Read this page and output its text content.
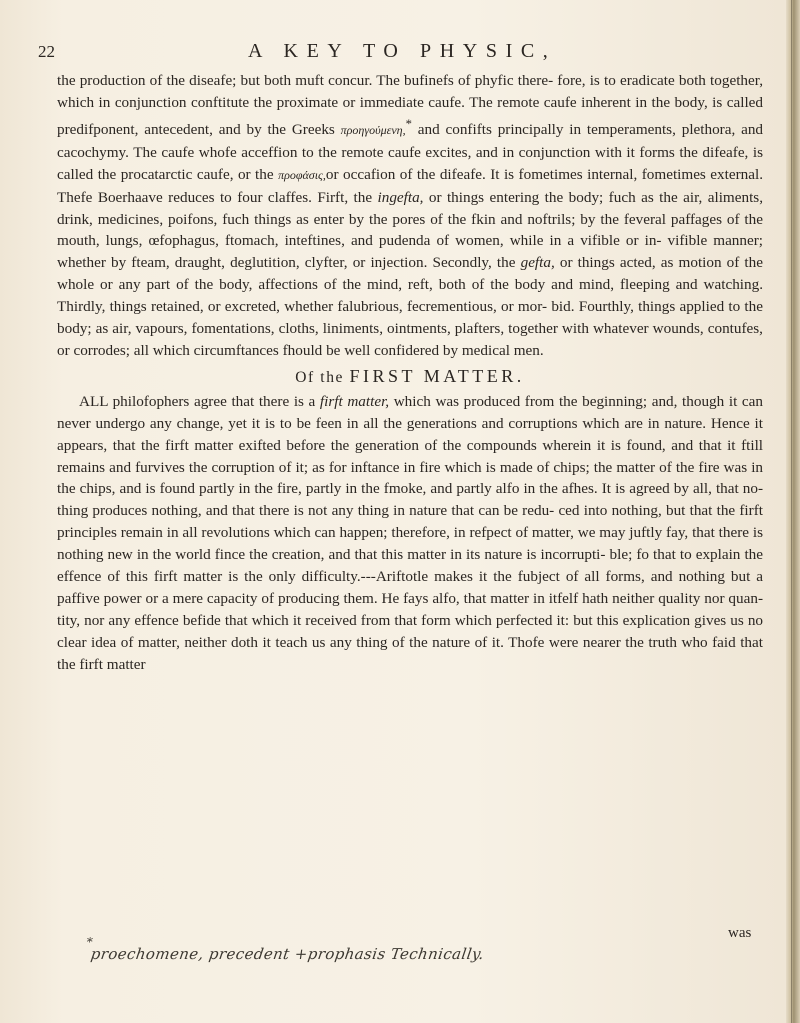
22	A KEY TO PHYSIC,

the production of the diseafe; but both muft concur. The bufinefs of phyfic there- fore, is to eradicate both together, which in conjunction conftitute the proximate or immediate caufe. The remote caufe inherent in the body, is called predifponent, antecedent, and by the Greeks προηγούμενη,* and confifts principally in temperaments, plethora, and cacochymy. The caufe whofe acceffion to the remote caufe excites, and in conjunction with it forms the difeafe, is called the procatarctic caufe, or the προφάσις,or occafion of the difeafe. It is fometimes internal, fometimes external. Thefe Boerhaave reduces to four claffes. Firft, the ingefta, or things entering the body; fuch as the air, aliments, drink, medicines, poifons, fuch things as enter by the pores of the fkin and noftrils; by the feveral paffages of the mouth, lungs, œfophagus, ftomach, inteftines, and pudenda of women, while in a vifible or in- vifible manner; whether by fteam, draught, deglutition, clyfter, or injection. Secondly, the gefta, or things acted, as motion of the whole or any part of the body, affections of the mind, reft, both of the body and mind, fleeping and watching. Thirdly, things retained, or excreted, whether falubrious, fecrementious, or mor- bid. Fourthly, things applied to the body; as air, vapours, fomentations, cloths, liniments, ointments, plafters, together with whatever wounds, contufes, or corrodes; all which circumftances fhould be well confidered by medical men.

Of the FIRST MATTER.

ALL philofophers agree that there is a firft matter, which was produced from the beginning; and, though it can never undergo any change, yet it is to be feen in all the generations and corruptions which are in nature. Hence it appears, that the firft matter exifted before the generation of the compounds wherein it is found, and that it ftill remains and furvives the corruption of it; as for inftance in fire which is made of chips; the matter of the fire was in the chips, and is found partly in the fire, partly in the fmoke, and partly alfo in the afhes. It is agreed by all, that no- thing produces nothing, and that there is not any thing in nature that can be redu- ced into nothing, but that the firft principles remain in all revolutions which can happen; therefore, in refpect of matter, we may juftly fay, that there is nothing new in the world fince the creation, and that this matter in its nature is incorrupti- ble; fo that to explain the effence of this firft matter is the only difficulty.---Ariftotle makes it the fubject of all forms, and nothing but a paffive power or a mere capacity of producing them. He fays alfo, that matter in itfelf hath neither quality nor quan- tity, nor any effence befide that which it received from that form which perfected it: but this explication gives us no clear idea of matter, neither doth it teach us any thing of the nature of it. Thofe were nearer the truth who faid that the firft matter

was
*
proechomene, precedent +prophasis Technically.
